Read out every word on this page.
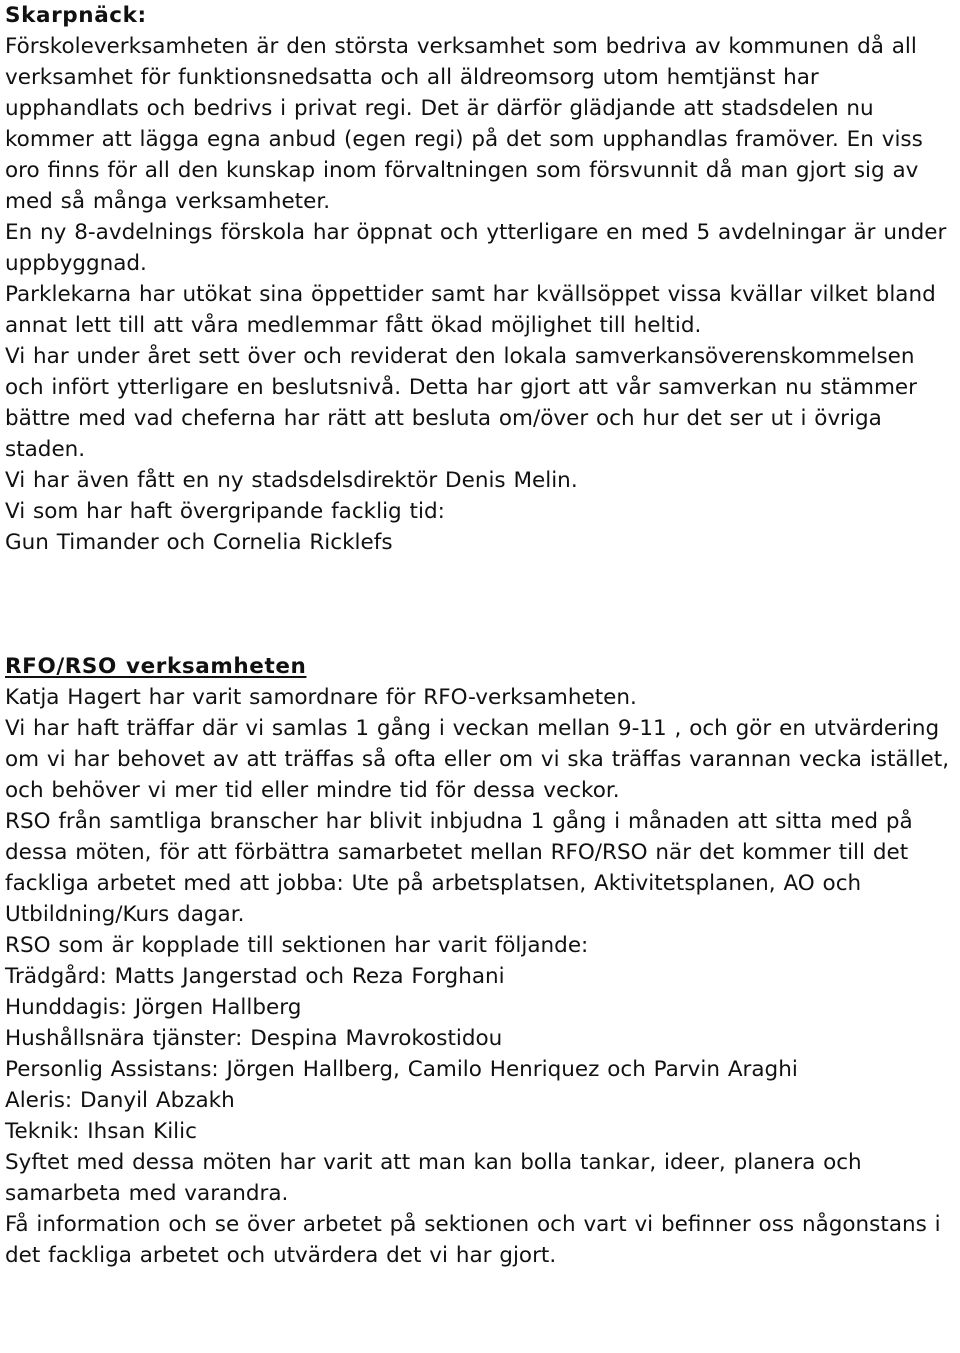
Skarpnäck:

Förskoleverksamheten är den största verksamhet som bedriva av kommunen då all verksamhet för funktionsnedsatta och all äldreomsorg utom hemtjänst har upphandlats och bedrivs i privat regi. Det är därför glädjande att stadsdelen nu kommer att lägga egna anbud (egen regi) på det som upphandlas framöver. En viss oro finns för all den kunskap inom förvaltningen som försvunnit då man gjort sig av med så många verksamheter.

En ny 8-avdelnings förskola har öppnat och ytterligare en med 5 avdelningar är under uppbyggnad.

Parklekarna har utökat sina öppettider samt har kvällsöppet vissa kvällar vilket bland annat lett till att våra medlemmar fått ökad möjlighet till heltid.

Vi har under året sett över och reviderat den lokala samverkansöverenskommelsen och infört ytterligare en beslutsnivå. Detta har gjort att vår samverkan nu stämmer bättre med vad cheferna har rätt att besluta om/över och hur det ser ut i övriga staden.

Vi har även fått en ny stadsdelsdirektör Denis Melin.

Vi som har haft övergripande facklig tid:

Gun Timander och Cornelia Ricklefs

RFO/RSO verksamheten

Katja Hagert har varit samordnare för RFO-verksamheten.

Vi har haft träffar där vi samlas 1 gång i veckan mellan 9-11 , och gör en utvärdering om vi har behovet av att träffas så ofta eller om vi ska träffas varannan vecka istället, och behöver vi mer tid eller mindre tid för dessa veckor.

RSO från samtliga branscher har blivit inbjudna 1 gång i månaden att sitta med på dessa möten, för att förbättra samarbetet mellan RFO/RSO när det kommer till det fackliga arbetet med att jobba: Ute på arbetsplatsen, Aktivitetsplanen, AO och Utbildning/Kurs dagar.

RSO som är kopplade till sektionen har varit följande:

Trädgård: Matts Jangerstad och Reza Forghani

Hunddagis: Jörgen Hallberg

Hushållsnära tjänster: Despina Mavrokostidou

Personlig Assistans: Jörgen Hallberg, Camilo Henriquez och Parvin Araghi

Aleris: Danyil Abzakh

Teknik: Ihsan Kilic

Syftet med dessa möten har varit att man kan bolla tankar, ideer, planera och samarbeta med varandra.

Få information och se över arbetet på sektionen och vart vi befinner oss någonstans i det fackliga arbetet och utvärdera det vi har gjort.
